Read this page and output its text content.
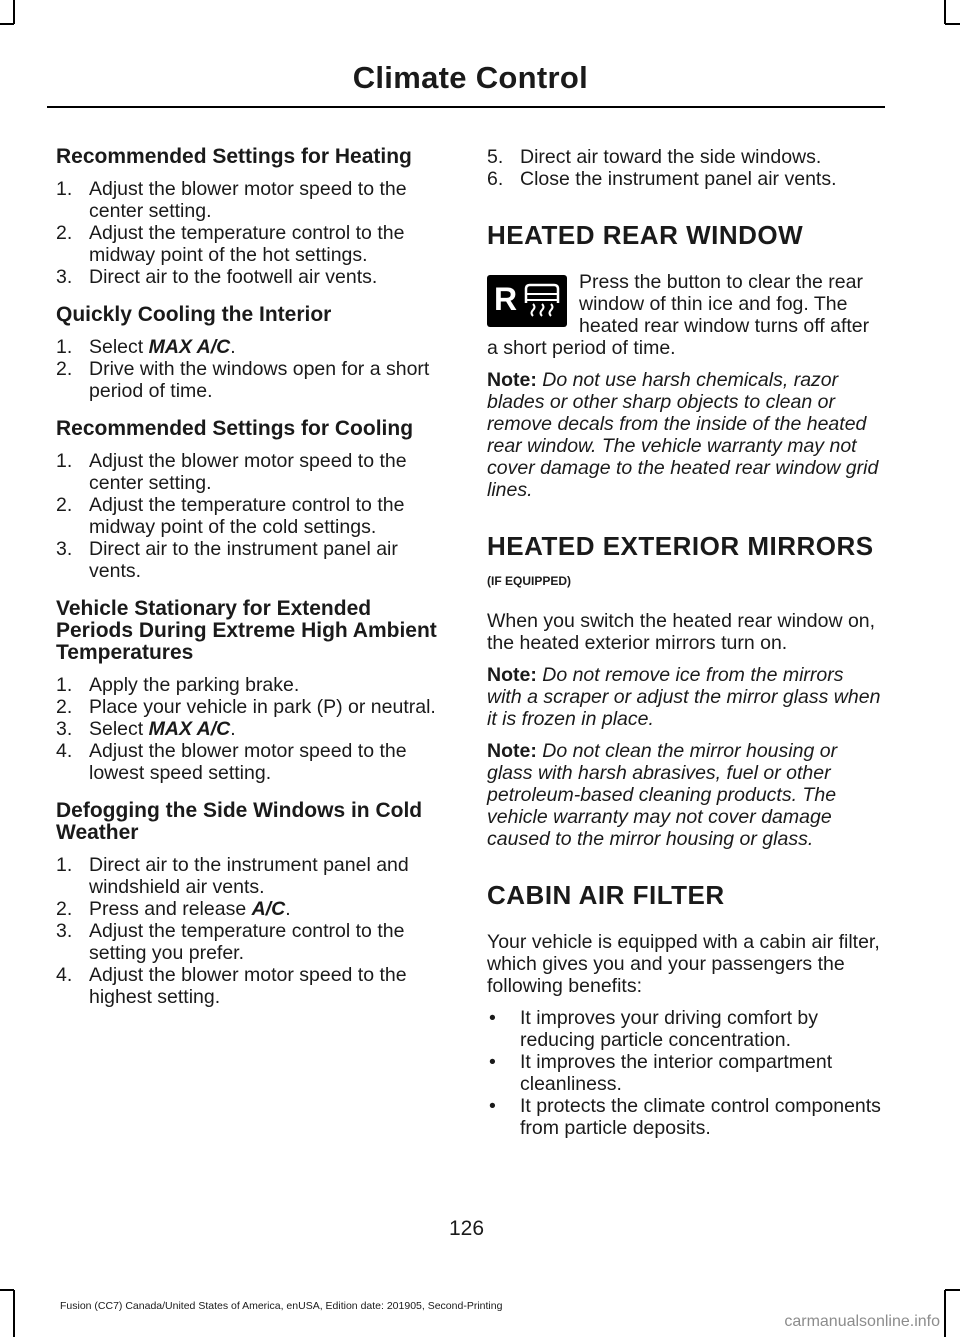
Climate Control
Recommended Settings for Heating
1. Adjust the blower motor speed to the center setting.
2. Adjust the temperature control to the midway point of the hot settings.
3. Direct air to the footwell air vents.
Quickly Cooling the Interior
1. Select MAX A/C.
2. Drive with the windows open for a short period of time.
Recommended Settings for Cooling
1. Adjust the blower motor speed to the center setting.
2. Adjust the temperature control to the midway point of the cold settings.
3. Direct air to the instrument panel air vents.
Vehicle Stationary for Extended Periods During Extreme High Ambient Temperatures
1. Apply the parking brake.
2. Place your vehicle in park (P) or neutral.
3. Select MAX A/C.
4. Adjust the blower motor speed to the lowest speed setting.
Defogging the Side Windows in Cold Weather
1. Direct air to the instrument panel and windshield air vents.
2. Press and release A/C.
3. Adjust the temperature control to the setting you prefer.
4. Adjust the blower motor speed to the highest setting.
5. Direct air toward the side windows.
6. Close the instrument panel air vents.
HEATED REAR WINDOW
R	Press the button to clear the rear window of thin ice and fog. The heated rear window turns off after a short period of time.

Note: Do not use harsh chemicals, razor blades or other sharp objects to clean or remove decals from the inside of the heated rear window. The vehicle warranty may not cover damage to the heated rear window grid lines.

HEATED EXTERIOR MIRRORS
(IF EQUIPPED)

When you switch the heated rear window on, the heated exterior mirrors turn on.

Note: Do not remove ice from the mirrors with a scraper or adjust the mirror glass when it is frozen in place.

Note: Do not clean the mirror housing or glass with harsh abrasives, fuel or other petroleum-based cleaning products. The vehicle warranty may not cover damage caused to the mirror housing or glass.

CABIN AIR FILTER

Your vehicle is equipped with a cabin air filter, which gives you and your passengers the following benefits:

• It improves your driving comfort by reducing particle concentration.
• It improves the interior compartment cleanliness.
• It protects the climate control components from particle deposits.
126
Fusion (CC7) Canada/United States of America, enUSA, Edition date: 201905, Second-Printing
carmanualsonline.info
